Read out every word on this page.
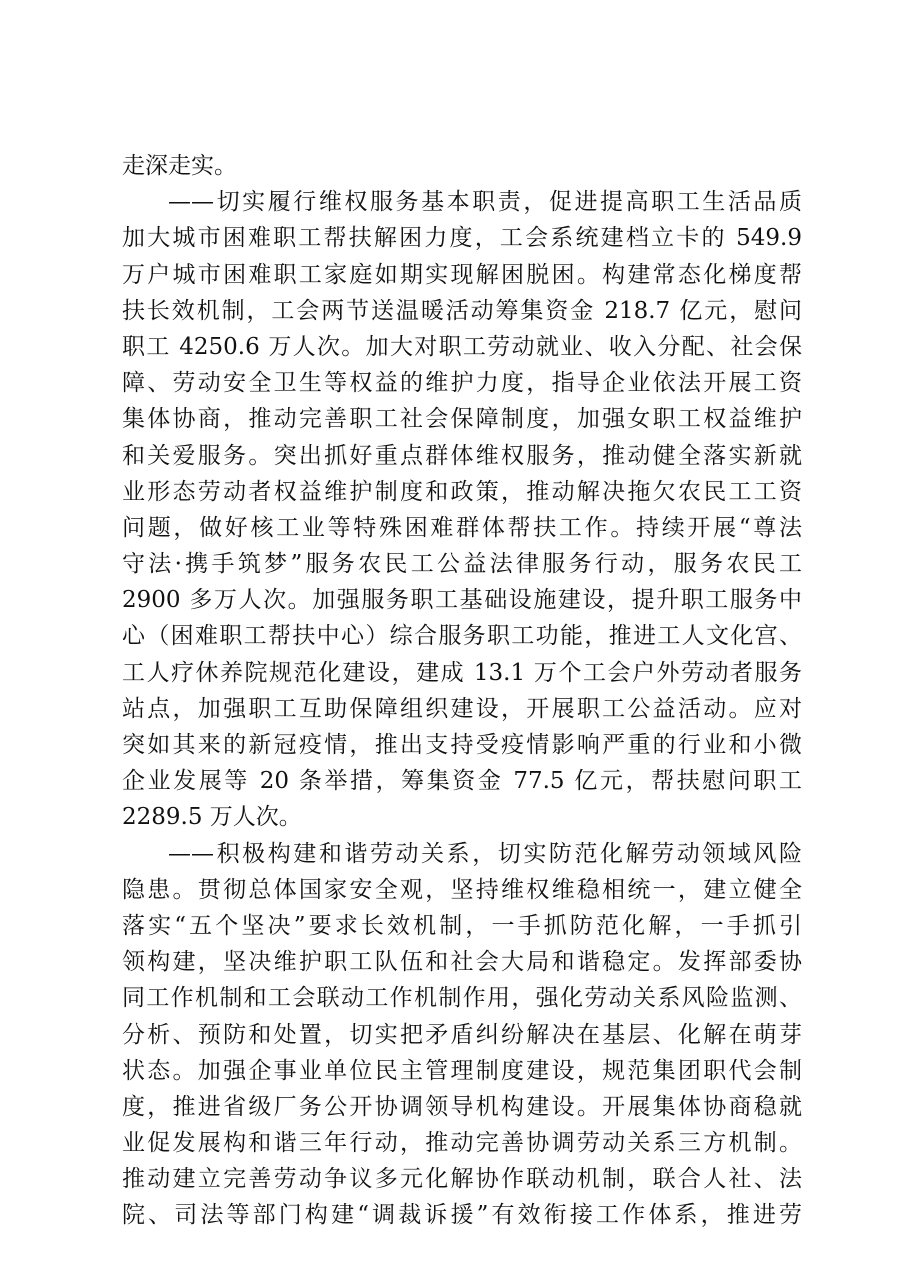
走深走实。
——切实履行维权服务基本职责，促进提高职工生活品质
加大城市困难职工帮扶解困力度，工会系统建档立卡的 549.9
万户城市困难职工家庭如期实现解困脱困。构建常态化梯度帮
扶长效机制，工会两节送温暖活动筹集资金 218.7 亿元，慰问
职工 4250.6 万人次。加大对职工劳动就业、收入分配、社会保
障、劳动安全卫生等权益的维护力度，指导企业依法开展工资
集体协商，推动完善职工社会保障制度，加强女职工权益维护
和关爱服务。突出抓好重点群体维权服务，推动健全落实新就
业形态劳动者权益维护制度和政策，推动解决拖欠农民工工资
问题，做好核工业等特殊困难群体帮扶工作。持续开展“尊法
守法·携手筑梦”服务农民工公益法律服务行动，服务农民工
2900 多万人次。加强服务职工基础设施建设，提升职工服务中
心（困难职工帮扶中心）综合服务职工功能，推进工人文化宫、
工人疗休养院规范化建设，建成 13.1 万个工会户外劳动者服务
站点，加强职工互助保障组织建设，开展职工公益活动。应对
突如其来的新冠疫情，推出支持受疫情影响严重的行业和小微
企业发展等 20 条举措，筹集资金 77.5 亿元，帮扶慰问职工
2289.5 万人次。
——积极构建和谐劳动关系，切实防范化解劳动领域风险
隐患。贯彻总体国家安全观，坚持维权维稳相统一，建立健全
落实“五个坚决”要求长效机制，一手抓防范化解，一手抓引
领构建，坚决维护职工队伍和社会大局和谐稳定。发挥部委协
同工作机制和工会联动工作机制作用，强化劳动关系风险监测、
分析、预防和处置，切实把矛盾纠纷解决在基层、化解在萌芽
状态。加强企事业单位民主管理制度建设，规范集团职代会制
度，推进省级厂务公开协调领导机构建设。开展集体协商稳就
业促发展构和谐三年行动，推动完善协调劳动关系三方机制。
推动建立完善劳动争议多元化解协作联动机制，联合人社、法
院、司法等部门构建“调裁诉援”有效衔接工作体系，推进劳
